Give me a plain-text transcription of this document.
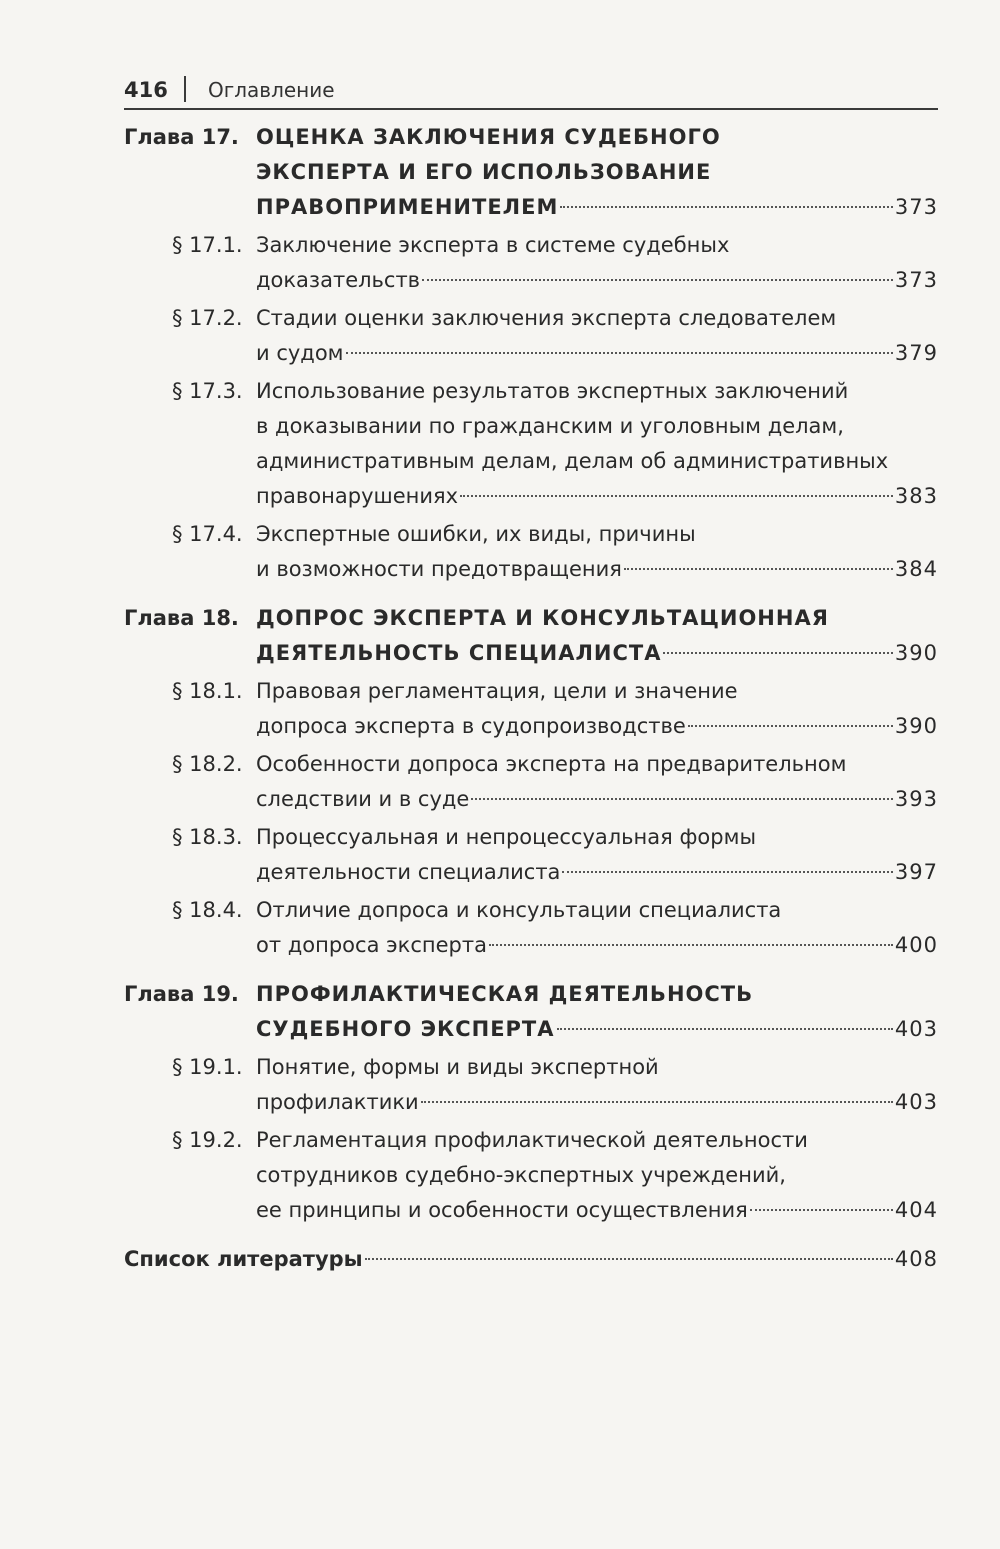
416 Оглавление
Глава 17. ОЦЕНКА ЗАКЛЮЧЕНИЯ СУДЕБНОГО
ЭКСПЕРТА И ЕГО ИСПОЛЬЗОВАНИЕ
ПРАВОПРИМЕНИТЕЛЕМ	373
§ 17.1. Заключение эксперта в системе судебных
доказательств	373
§ 17.2. Стадии оценки заключения эксперта следователем
и судом	379
§ 17.3. Использование результатов экспертных заключений
в доказывании по гражданским и уголовным делам,
административным делам, делам об административных
правонарушениях	383
§ 17.4. Экспертные ошибки, их виды, причины
и возможности предотвращения	384
Глава 18. ДОПРОС ЭКСПЕРТА И КОНСУЛЬТАЦИОННАЯ
ДЕЯТЕЛЬНОСТЬ СПЕЦИАЛИСТА	390
§ 18.1. Правовая регламентация, цели и значение
допроса эксперта в судопроизводстве	390
§ 18.2. Особенности допроса эксперта на предварительном
следствии и в суде	393
§ 18.3. Процессуальная и непроцессуальная формы
деятельности специалиста	397
§ 18.4. Отличие допроса и консультации специалиста
от допроса эксперта	400
Глава 19. ПРОФИЛАКТИЧЕСКАЯ ДЕЯТЕЛЬНОСТЬ
СУДЕБНОГО ЭКСПЕРТА	403
§ 19.1. Понятие, формы и виды экспертной
профилактики	403
§ 19.2. Регламентация профилактической деятельности
сотрудников судебно-экспертных учреждений,
ее принципы и особенности осуществления	404
Список литературы	408
